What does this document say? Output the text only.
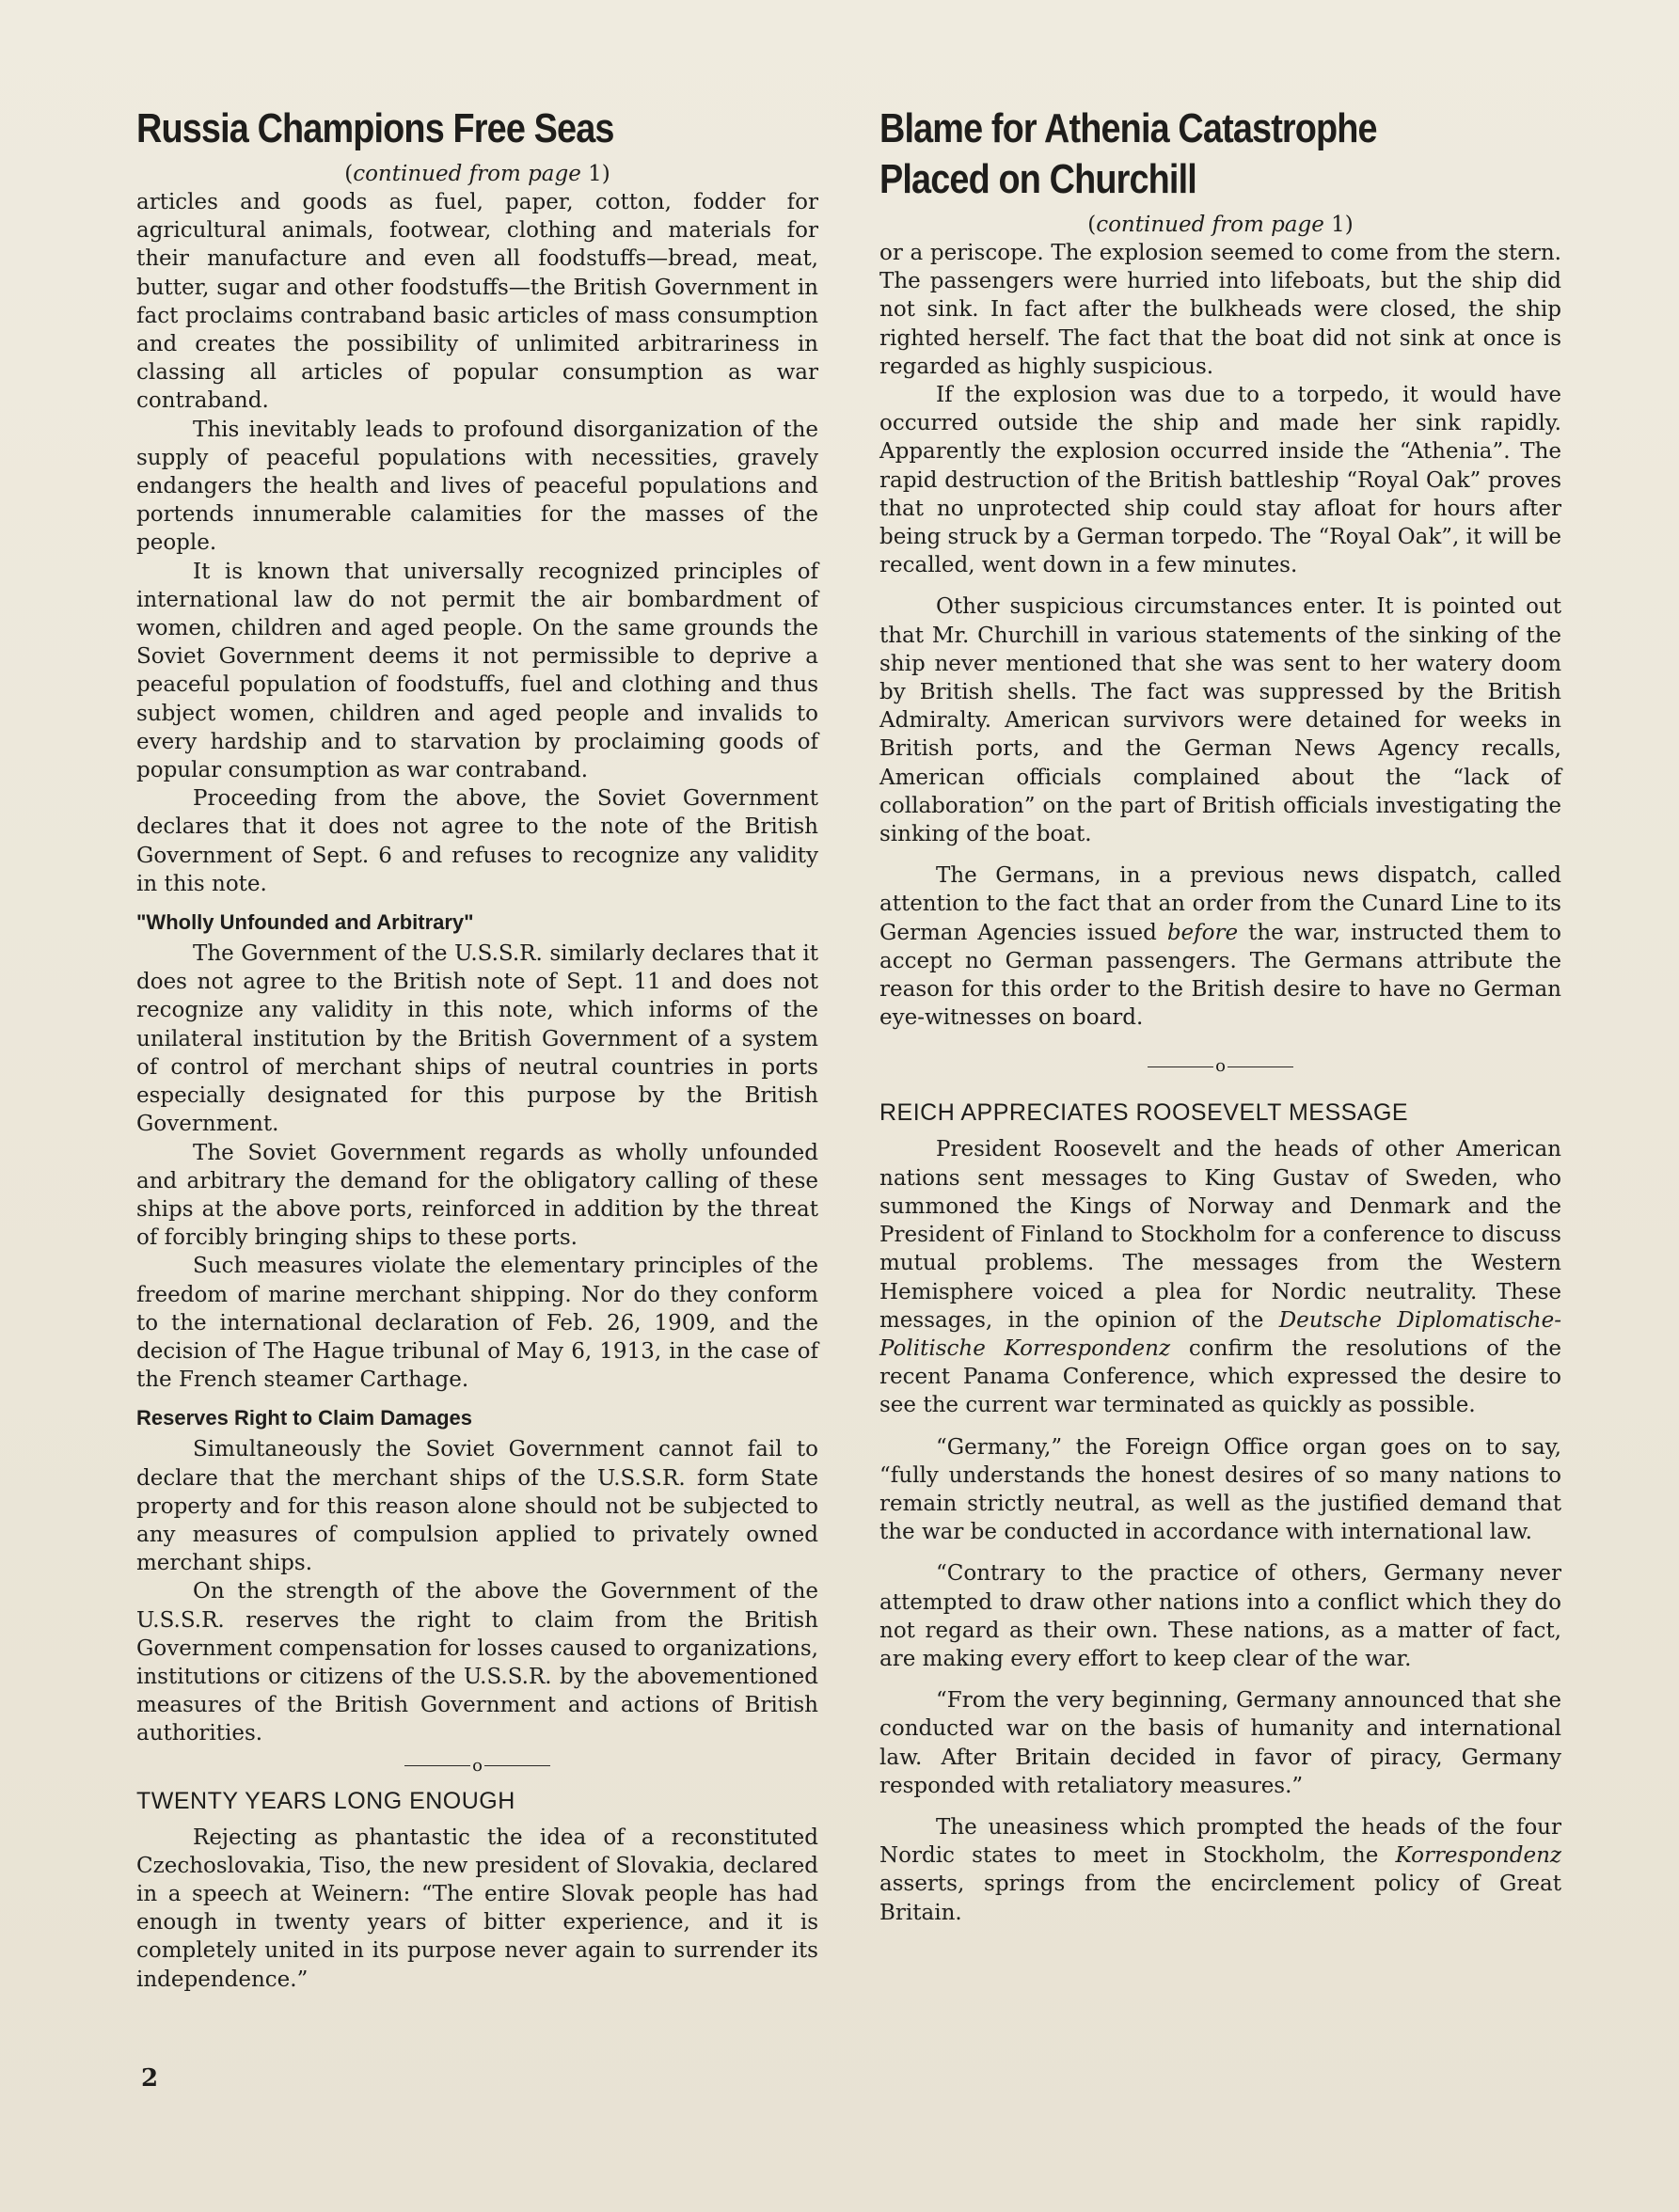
Russia Champions Free Seas
(continued from page 1)

articles and goods as fuel, paper, cotton, fodder for agricultural animals, footwear, clothing and materials for their manufacture and even all foodstuffs—bread, meat, butter, sugar and other foodstuffs—the British Government in fact proclaims contraband basic articles of mass consumption and creates the possibility of unlimited arbitrariness in classing all articles of popular consumption as war contraband.

This inevitably leads to profound disorganization of the supply of peaceful populations with necessities, gravely endangers the health and lives of peaceful populations and portends innumerable calamities for the masses of the people.

It is known that universally recognized principles of international law do not permit the air bombardment of women, children and aged people. On the same grounds the Soviet Government deems it not permissible to deprive a peaceful population of foodstuffs, fuel and clothing and thus subject women, children and aged people and invalids to every hardship and to starvation by proclaiming goods of popular consumption as war contraband.

Proceeding from the above, the Soviet Government declares that it does not agree to the note of the British Government of Sept. 6 and refuses to recognize any validity in this note.

"Wholly Unfounded and Arbitrary"

The Government of the U.S.S.R. similarly declares that it does not agree to the British note of Sept. 11 and does not recognize any validity in this note, which informs of the unilateral institution by the British Government of a system of control of merchant ships of neutral countries in ports especially designated for this purpose by the British Government.

The Soviet Government regards as wholly unfounded and arbitrary the demand for the obligatory calling of these ships at the above ports, reinforced in addition by the threat of forcibly bringing ships to these ports.

Such measures violate the elementary principles of the freedom of marine merchant shipping. Nor do they conform to the international declaration of Feb. 26, 1909, and the decision of The Hague tribunal of May 6, 1913, in the case of the French steamer Carthage.

Reserves Right to Claim Damages

Simultaneously the Soviet Government cannot fail to declare that the merchant ships of the U.S.S.R. form State property and for this reason alone should not be subjected to any measures of compulsion applied to privately owned merchant ships.

On the strength of the above the Government of the U.S.S.R. reserves the right to claim from the British Government compensation for losses caused to organizations, institutions or citizens of the U.S.S.R. by the abovementioned measures of the British Government and actions of British authorities.

o
TWENTY YEARS LONG ENOUGH

Rejecting as phantastic the idea of a reconstituted Czechoslovakia, Tiso, the new president of Slovakia, declared in a speech at Weinern: “The entire Slovak people has had enough in twenty years of bitter experience, and it is completely united in its purpose never again to surrender its independence.”

Blame for Athenia Catastrophe
Placed on Churchill
(continued from page 1)

or a periscope. The explosion seemed to come from the stern. The passengers were hurried into lifeboats, but the ship did not sink. In fact after the bulkheads were closed, the ship righted herself. The fact that the boat did not sink at once is regarded as highly suspicious.

If the explosion was due to a torpedo, it would have occurred outside the ship and made her sink rapidly. Apparently the explosion occurred inside the “Athenia”. The rapid destruction of the British battleship “Royal Oak” proves that no unprotected ship could stay afloat for hours after being struck by a German torpedo. The “Royal Oak”, it will be recalled, went down in a few minutes.

Other suspicious circumstances enter. It is pointed out that Mr. Churchill in various statements of the sinking of the ship never mentioned that she was sent to her watery doom by British shells. The fact was suppressed by the British Admiralty. American survivors were detained for weeks in British ports, and the German News Agency recalls, American officials complained about the “lack of collaboration” on the part of British officials investigating the sinking of the boat.

The Germans, in a previous news dispatch, called attention to the fact that an order from the Cunard Line to its German Agencies issued before the war, instructed them to accept no German passengers. The Germans attribute the reason for this order to the British desire to have no German eye-witnesses on board.

o
REICH APPRECIATES ROOSEVELT MESSAGE

President Roosevelt and the heads of other American nations sent messages to King Gustav of Sweden, who summoned the Kings of Norway and Denmark and the President of Finland to Stockholm for a conference to discuss mutual problems. The messages from the Western Hemisphere voiced a plea for Nordic neutrality. These messages, in the opinion of the Deutsche Diplomatische-Politische Korrespondenz confirm the resolutions of the recent Panama Conference, which expressed the desire to see the current war terminated as quickly as possible.

“Germany,” the Foreign Office organ goes on to say, “fully understands the honest desires of so many nations to remain strictly neutral, as well as the justified demand that the war be conducted in accordance with international law.

“Contrary to the practice of others, Germany never attempted to draw other nations into a conflict which they do not regard as their own. These nations, as a matter of fact, are making every effort to keep clear of the war.

“From the very beginning, Germany announced that she conducted war on the basis of humanity and international law. After Britain decided in favor of piracy, Germany responded with retaliatory measures.”

The uneasiness which prompted the heads of the four Nordic states to meet in Stockholm, the Korrespondenz asserts, springs from the encirclement policy of Great Britain.

2
